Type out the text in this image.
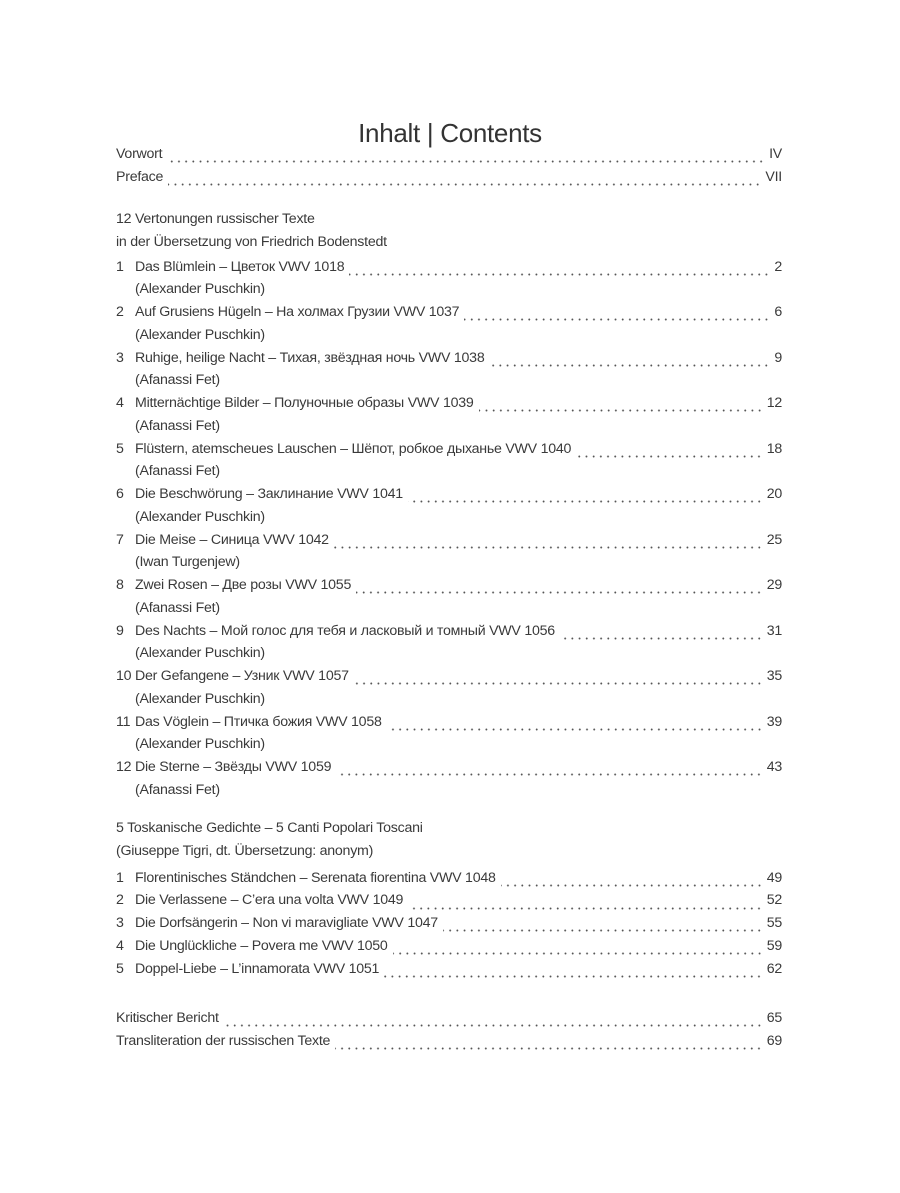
Inhalt | Contents
Vorwort	IV
Preface	VII
12 Vertonungen russischer Texte
in der Übersetzung von Friedrich Bodenstedt
1 Das Blümlein – Цветок VWV 1018	2
(Alexander Puschkin)
2 Auf Grusiens Hügeln – На холмах Грузии VWV 1037	6
(Alexander Puschkin)
3 Ruhige, heilige Nacht – Тихая, звёздная ночь VWV 1038	9
(Afanassi Fet)
4 Mitternächtige Bilder – Полуночные образы VWV 1039	12
(Afanassi Fet)
5 Flüstern, atemscheues Lauschen – Шёпот, робкое дыханье VWV 1040	18
(Afanassi Fet)
6 Die Beschwörung – Заклинание VWV 1041	20
(Alexander Puschkin)
7 Die Meise – Синица VWV 1042	25
(Iwan Turgenjew)
8 Zwei Rosen – Две розы VWV 1055	29
(Afanassi Fet)
9 Des Nachts – Мой голос для тебя и ласковый и томный VWV 1056	31
(Alexander Puschkin)
10 Der Gefangene – Узник VWV 1057	35
(Alexander Puschkin)
11 Das Vöglein – Птичка божия VWV 1058	39
(Alexander Puschkin)
12 Die Sterne – Звёзды VWV 1059	43
(Afanassi Fet)
5 Toskanische Gedichte – 5 Canti Popolari Toscani
(Giuseppe Tigri, dt. Übersetzung: anonym)
1 Florentinisches Ständchen – Serenata fiorentina VWV 1048	49
2 Die Verlassene – C’era una volta VWV 1049	52
3 Die Dorfsängerin – Non vi maravigliate VWV 1047	55
4 Die Unglückliche – Povera me VWV 1050	59
5 Doppel-Liebe – L’innamorata VWV 1051	62
Kritischer Bericht	65
Transliteration der russischen Texte	69
